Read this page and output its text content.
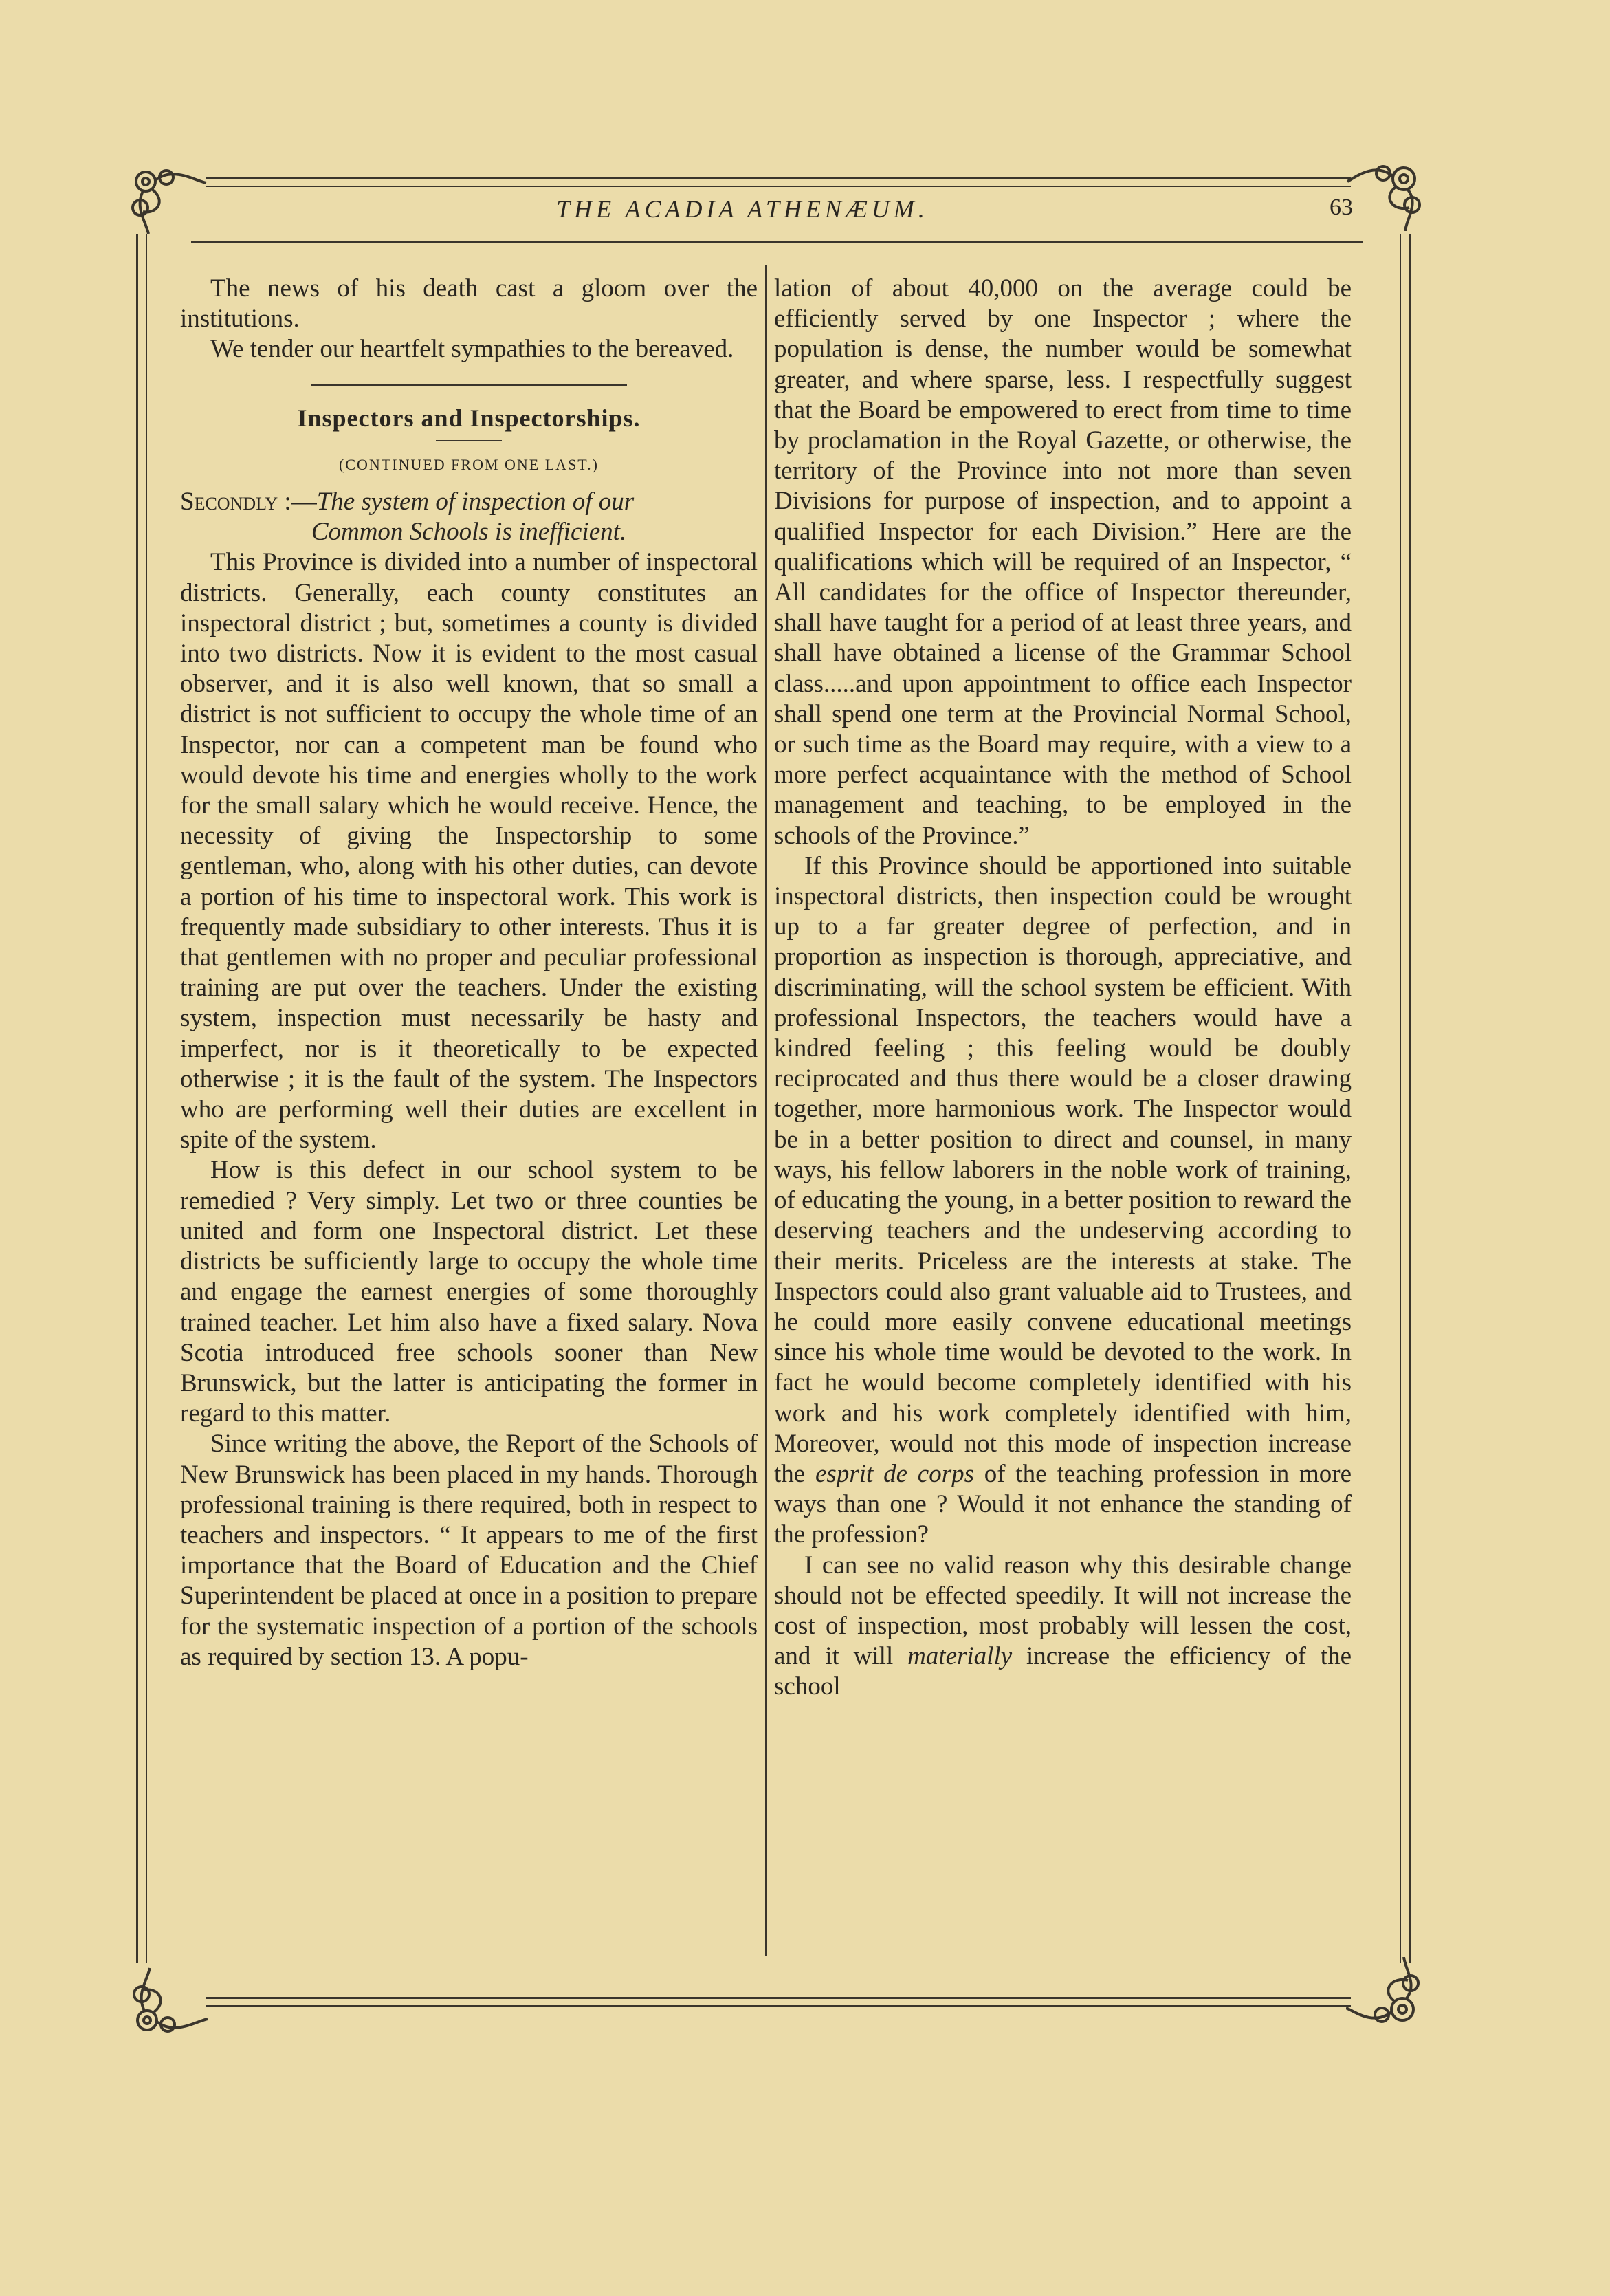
THE ACADIA ATHENÆUM.	63

The news of his death cast a gloom over the institutions.

We tender our heartfelt sympathies to the bereaved.

Inspectors and Inspectorships.
(CONTINUED FROM ONE LAST.)

Secondly :—The system of inspection of our
Common Schools is inefficient.

This Province is divided into a number of inspectoral districts. Generally, each county constitutes an inspectoral district ; but, sometimes a county is divided into two districts. Now it is evident to the most casual observer, and it is also well known, that so small a district is not sufficient to occupy the whole time of an Inspector, nor can a competent man be found who would devote his time and energies wholly to the work for the small salary which he would receive. Hence, the necessity of giving the Inspectorship to some gentleman, who, along with his other duties, can devote a portion of his time to inspectoral work. This work is frequently made subsidiary to other interests. Thus it is that gentlemen with no proper and peculiar professional training are put over the teachers. Under the existing system, inspection must necessarily be hasty and imperfect, nor is it theoretically to be expected otherwise ; it is the fault of the system. The Inspectors who are performing well their duties are excellent in spite of the system.

How is this defect in our school system to be remedied ? Very simply. Let two or three counties be united and form one Inspectoral district. Let these districts be sufficiently large to occupy the whole time and engage the earnest energies of some thoroughly trained teacher. Let him also have a fixed salary. Nova Scotia introduced free schools sooner than New Brunswick, but the latter is anticipating the former in regard to this matter.

Since writing the above, the Report of the Schools of New Brunswick has been placed in my hands. Thorough professional training is there required, both in respect to teachers and inspectors. “ It appears to me of the first importance that the Board of Education and the Chief Superintendent be placed at once in a position to prepare for the systematic inspection of a portion of the schools as required by section 13. A popu-

lation of about 40,000 on the average could be efficiently served by one Inspector ; where the population is dense, the number would be somewhat greater, and where sparse, less. I respectfully suggest that the Board be empowered to erect from time to time by proclamation in the Royal Gazette, or otherwise, the territory of the Province into not more than seven Divisions for purpose of inspection, and to appoint a qualified Inspector for each Division.” Here are the qualifications which will be required of an Inspector, “ All candidates for the office of Inspector thereunder, shall have taught for a period of at least three years, and shall have obtained a license of the Grammar School class.....and upon appointment to office each Inspector shall spend one term at the Provincial Normal School, or such time as the Board may require, with a view to a more perfect acquaintance with the method of School management and teaching, to be employed in the schools of the Province.”

If this Province should be apportioned into suitable inspectoral districts, then inspection could be wrought up to a far greater degree of perfection, and in proportion as inspection is thorough, appreciative, and discriminating, will the school system be efficient. With professional Inspectors, the teachers would have a kindred feeling ; this feeling would be doubly reciprocated and thus there would be a closer drawing together, more harmonious work. The Inspector would be in a better position to direct and counsel, in many ways, his fellow laborers in the noble work of training, of educating the young, in a better position to reward the deserving teachers and the undeserving according to their merits. Priceless are the interests at stake. The Inspectors could also grant valuable aid to Trustees, and he could more easily convene educational meetings since his whole time would be devoted to the work. In fact he would become completely identified with his work and his work completely identified with him, Moreover, would not this mode of inspection increase the esprit de corps of the teaching profession in more ways than one ? Would it not enhance the standing of the profession?

I can see no valid reason why this desirable change should not be effected speedily. It will not increase the cost of inspection, most probably will lessen the cost, and it will materially increase the efficiency of the school
